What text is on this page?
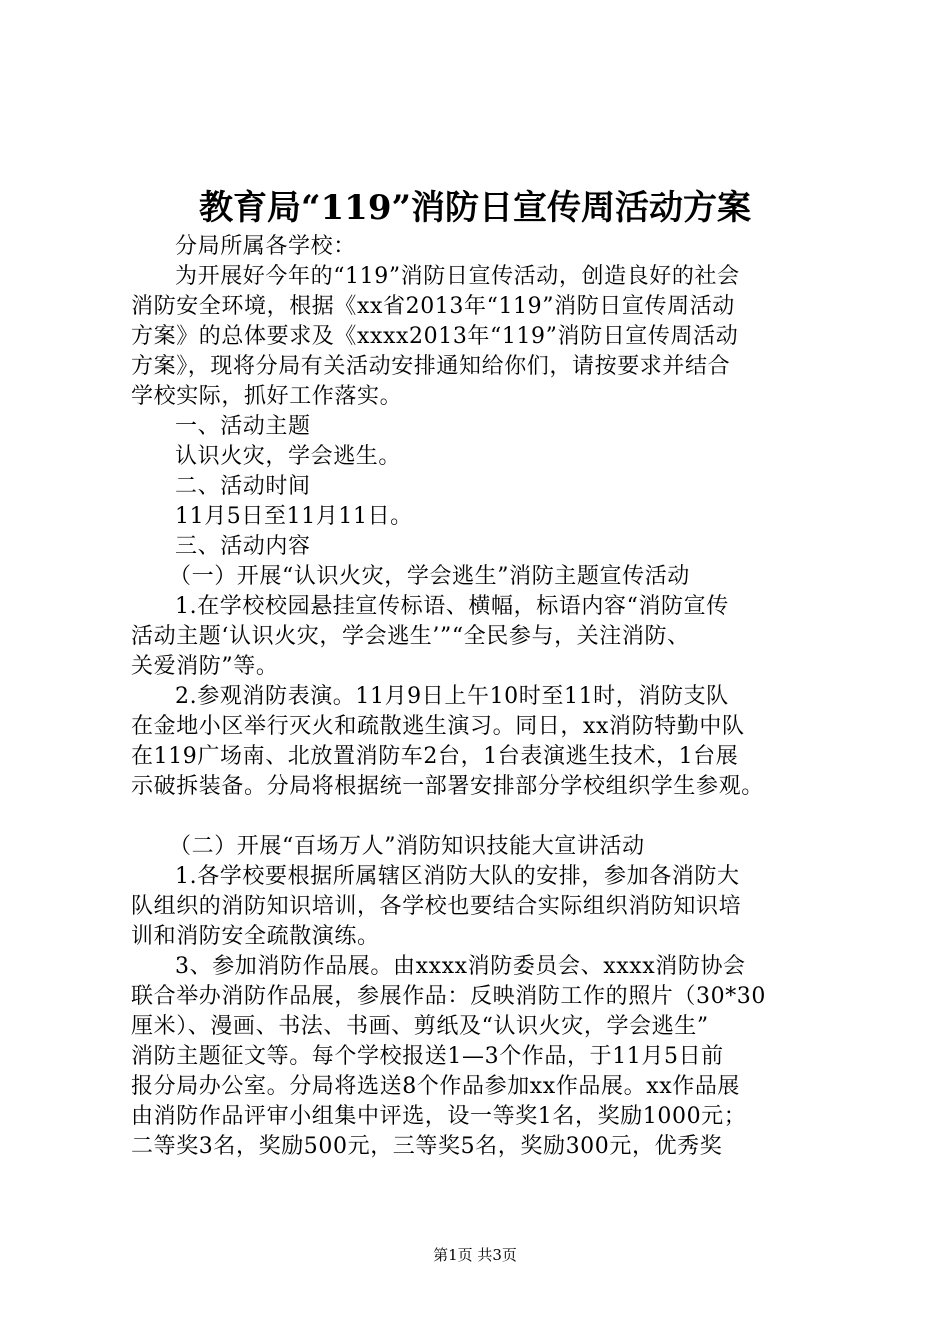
教育局“119”消防日宣传周活动方案
分局所属各学校：
为开展好今年的“119”消防日宣传活动，创造良好的社会
消防安全环境，根据《xx省2013年“119”消防日宣传周活动
方案》的总体要求及《xxxx2013年“119”消防日宣传周活动
方案》，现将分局有关活动安排通知给你们，请按要求并结合
学校实际，抓好工作落实。
一、活动主题
认识火灾，学会逃生。
二、活动时间
11月5日至11月11日。
三、活动内容
（一）开展“认识火灾，学会逃生”消防主题宣传活动
1.在学校校园悬挂宣传标语、横幅，标语内容“消防宣传
活动主题‘认识火灾，学会逃生’”“全民参与，关注消防、
关爱消防”等。
2.参观消防表演。11月9日上午10时至11时，消防支队
在金地小区举行灭火和疏散逃生演习。同日，xx消防特勤中队
在119广场南、北放置消防车2台，1台表演逃生技术，1台展
示破拆装备。分局将根据统一部署安排部分学校组织学生参观。
（二）开展“百场万人”消防知识技能大宣讲活动
1.各学校要根据所属辖区消防大队的安排，参加各消防大
队组织的消防知识培训，各学校也要结合实际组织消防知识培
训和消防安全疏散演练。
3、参加消防作品展。由xxxx消防委员会、xxxx消防协会
联合举办消防作品展，参展作品：反映消防工作的照片（30*30
厘米）、漫画、书法、书画、剪纸及“认识火灾，学会逃生”
消防主题征文等。每个学校报送1—3个作品，于11月5日前
报分局办公室。分局将选送8个作品参加xx作品展。xx作品展
由消防作品评审小组集中评选，设一等奖1名，奖励1000元；
二等奖3名，奖励500元，三等奖5名，奖励300元，优秀奖
第1页 共3页
